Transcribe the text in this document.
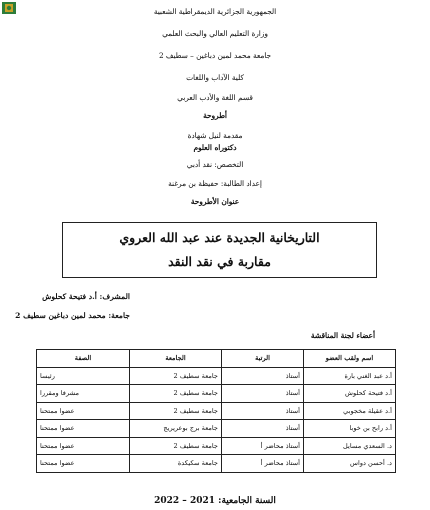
الجمهورية الجزائرية الديمقراطية الشعبية
وزارة التعليم العالي والبحث العلمي
جامعة محمد لمين دباغين – سطيف 2
كلية الآداب واللغات
قسم اللغة والأدب العربي
أطروحة
مقدمة لنيل شهادة
دكتوراه العلوم
التخصص: نقد أدبي
إعداد الطالبة: حفيظة بن مرغنة
عنوان الأطروحة
التاريخانية الجديدة عند عبد الله العروي
مقاربة في نقد النقد
المشرف: أ.د فتيحة كحلوش
جامعة: محمد لمين دباغين سطيف 2
أعضاء لجنة المناقشة
اسم ولقب العضو	الرتبة	الجامعة	الصفة
أ.د عبد الغني بارة	أستاذ	جامعة سطيف 2	رئيسا
أ.د فتيحة كحلوش	أستاذ	جامعة سطيف 2	مشرفا ومقررا
أ.د عقيلة مخجوبي	أستاذ	جامعة سطيف 2	عضوا ممتحنا
أ.د رابح بن خوبا	أستاذ	جامعة برج بوعريريج	عضوا ممتحنا
د. السعدي مسايل	أستاذ محاضر أ	جامعة سطيف 2	عضوا ممتحنا
د. أحسن دواس	أستاذ محاضر أ	جامعة سكيكدة	عضوا ممتحنا
السنة الجامعية: 2021 – 2022
